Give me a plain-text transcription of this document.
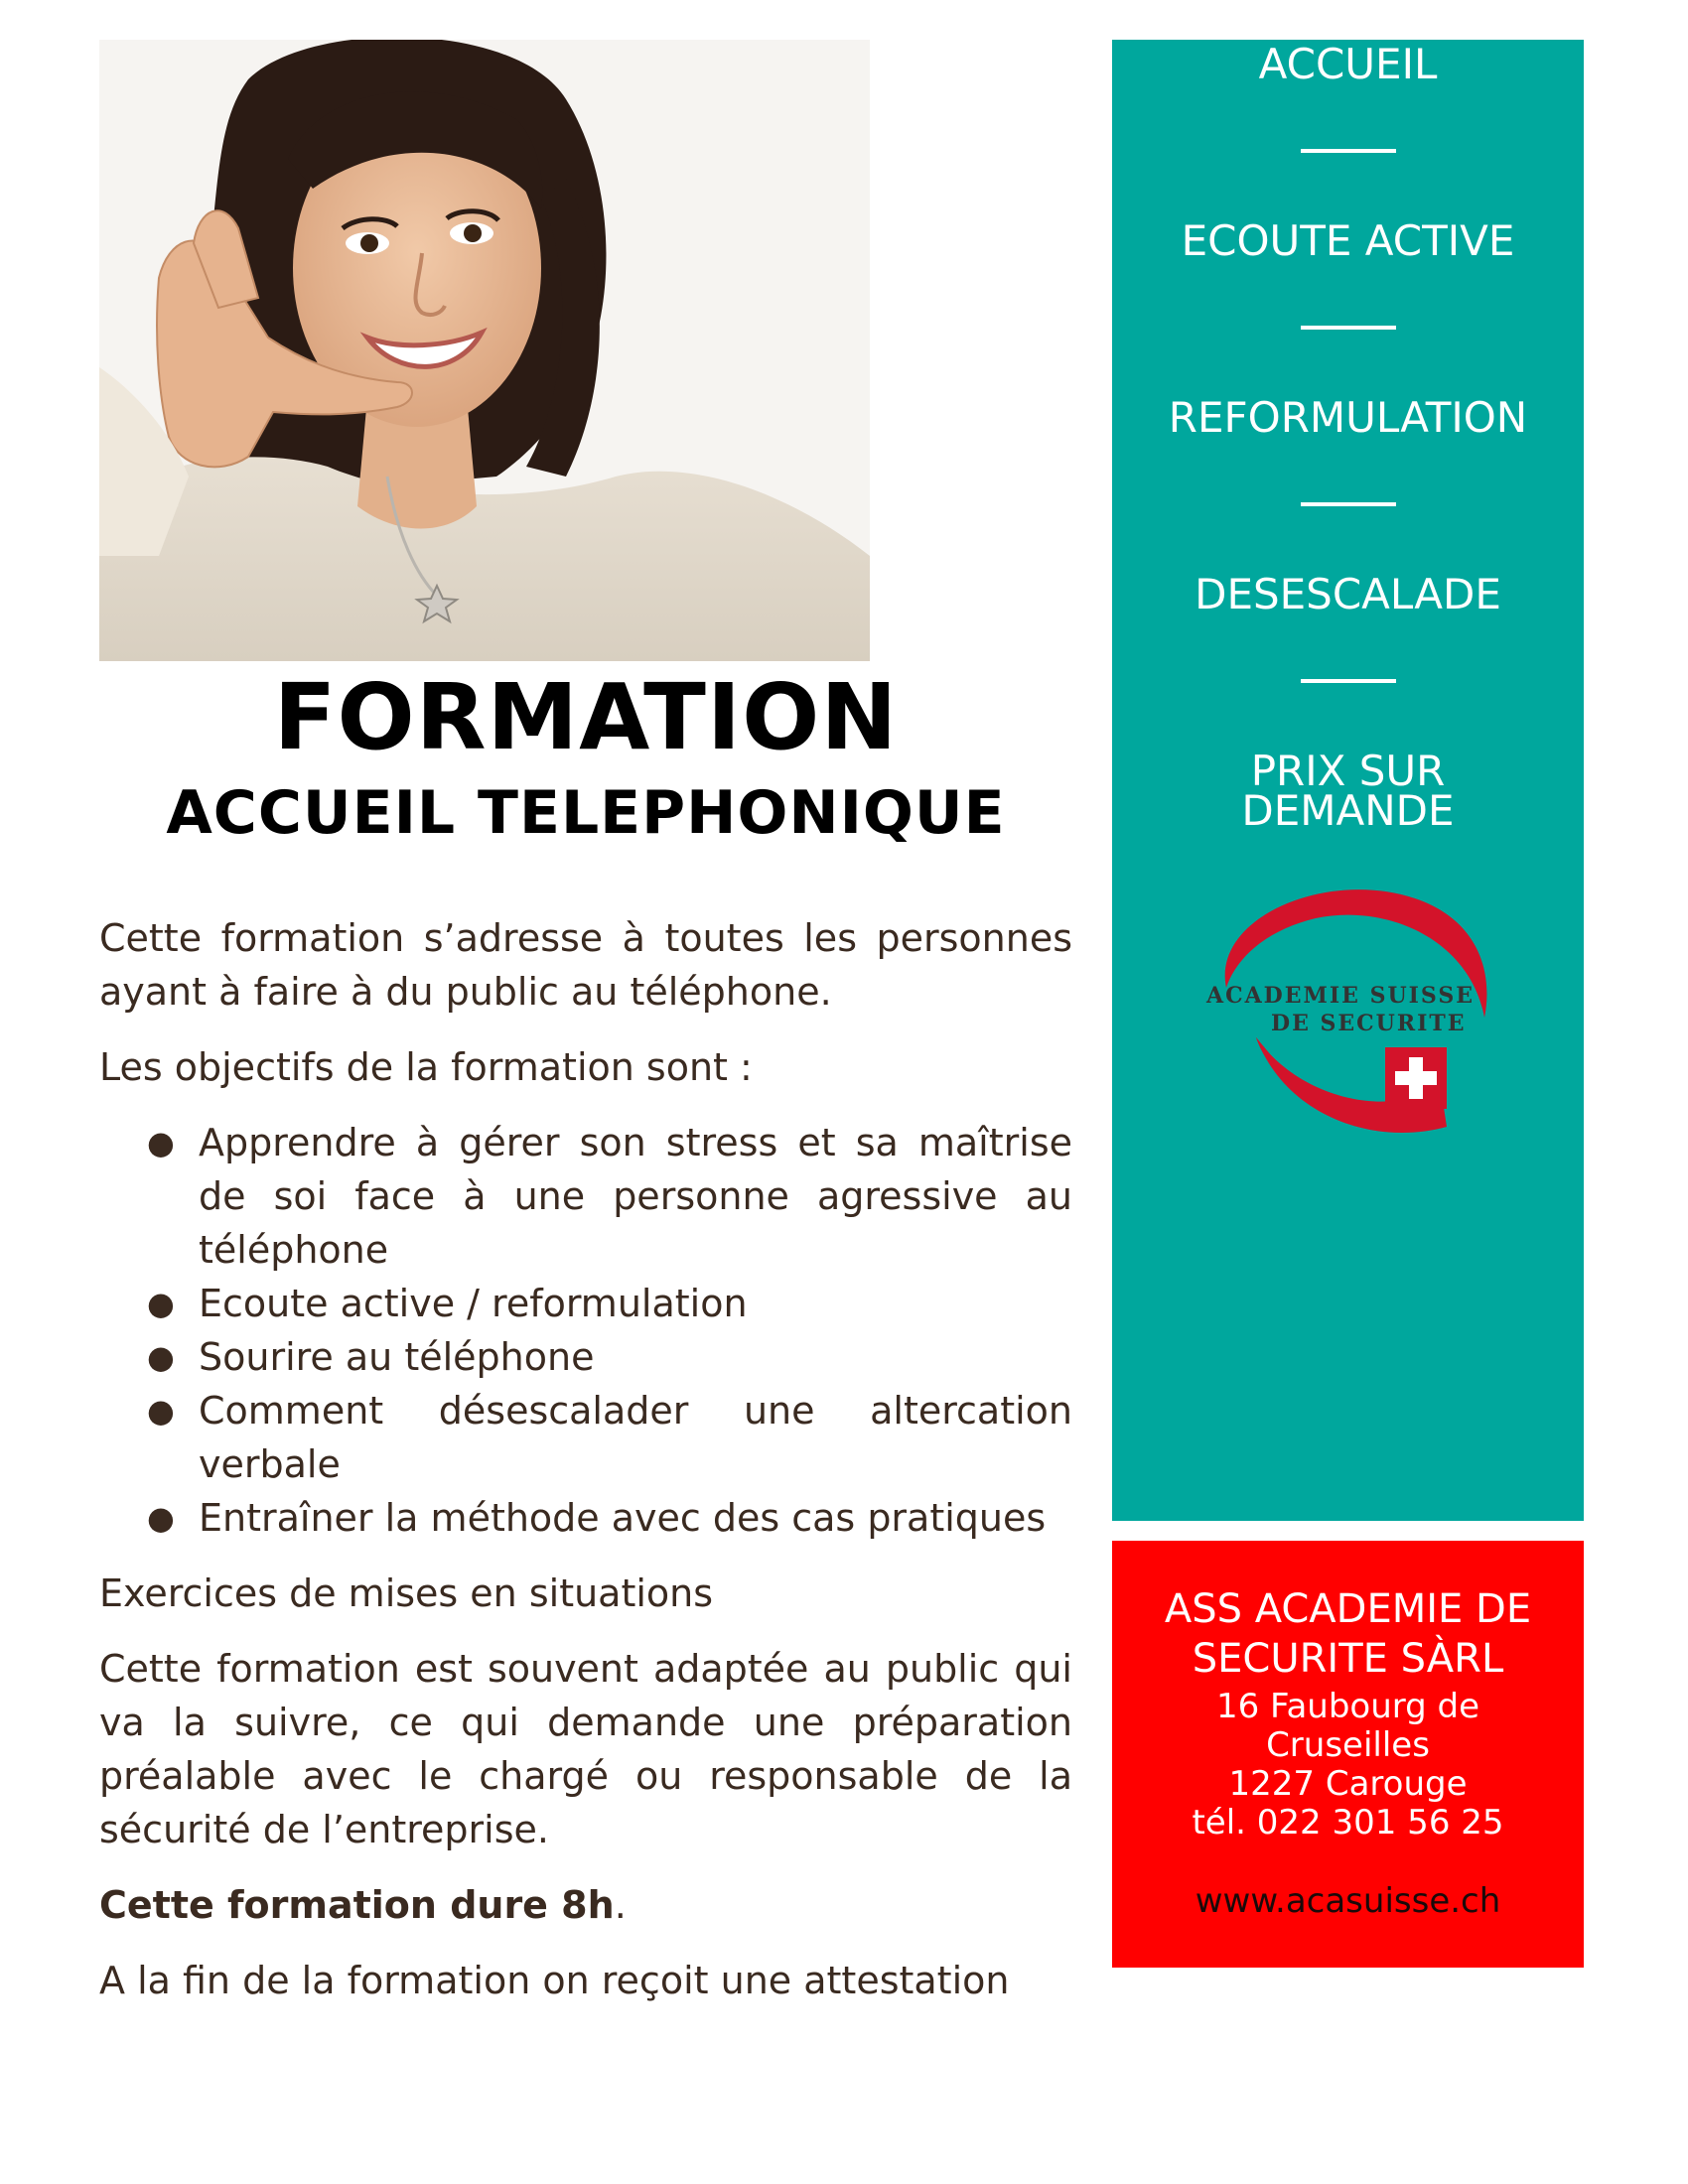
FORMATION
ACCUEIL TELEPHONIQUE

Cette formation s’adresse à toutes les personnes ayant à faire à du public au téléphone.

Les objectifs de la formation sont :

● Apprendre à gérer son stress et sa maîtrise de soi face à une personne agressive au téléphone
● Ecoute active / reformulation
● Sourire au téléphone
● Comment désescalader une altercation verbale
● Entraîner la méthode avec des cas pratiques

Exercices de mises en situations

Cette formation est souvent adaptée au public qui va la suivre, ce qui demande une préparation préalable avec le chargé ou responsable de la sécurité de l’entreprise.

Cette formation dure 8h.

A la fin de la formation on reçoit une attestation

ACCUEIL
ECOUTE ACTIVE
REFORMULATION
DESESCALADE
PRIX SUR
DEMANDE
ACADEMIE SUISSE
DE SECURITE
ASS ACADEMIE DE
SECURITE SÀRL
16 Faubourg de
Cruseilles
1227 Carouge
tél. 022 301 56 25
www.acasuisse.ch
